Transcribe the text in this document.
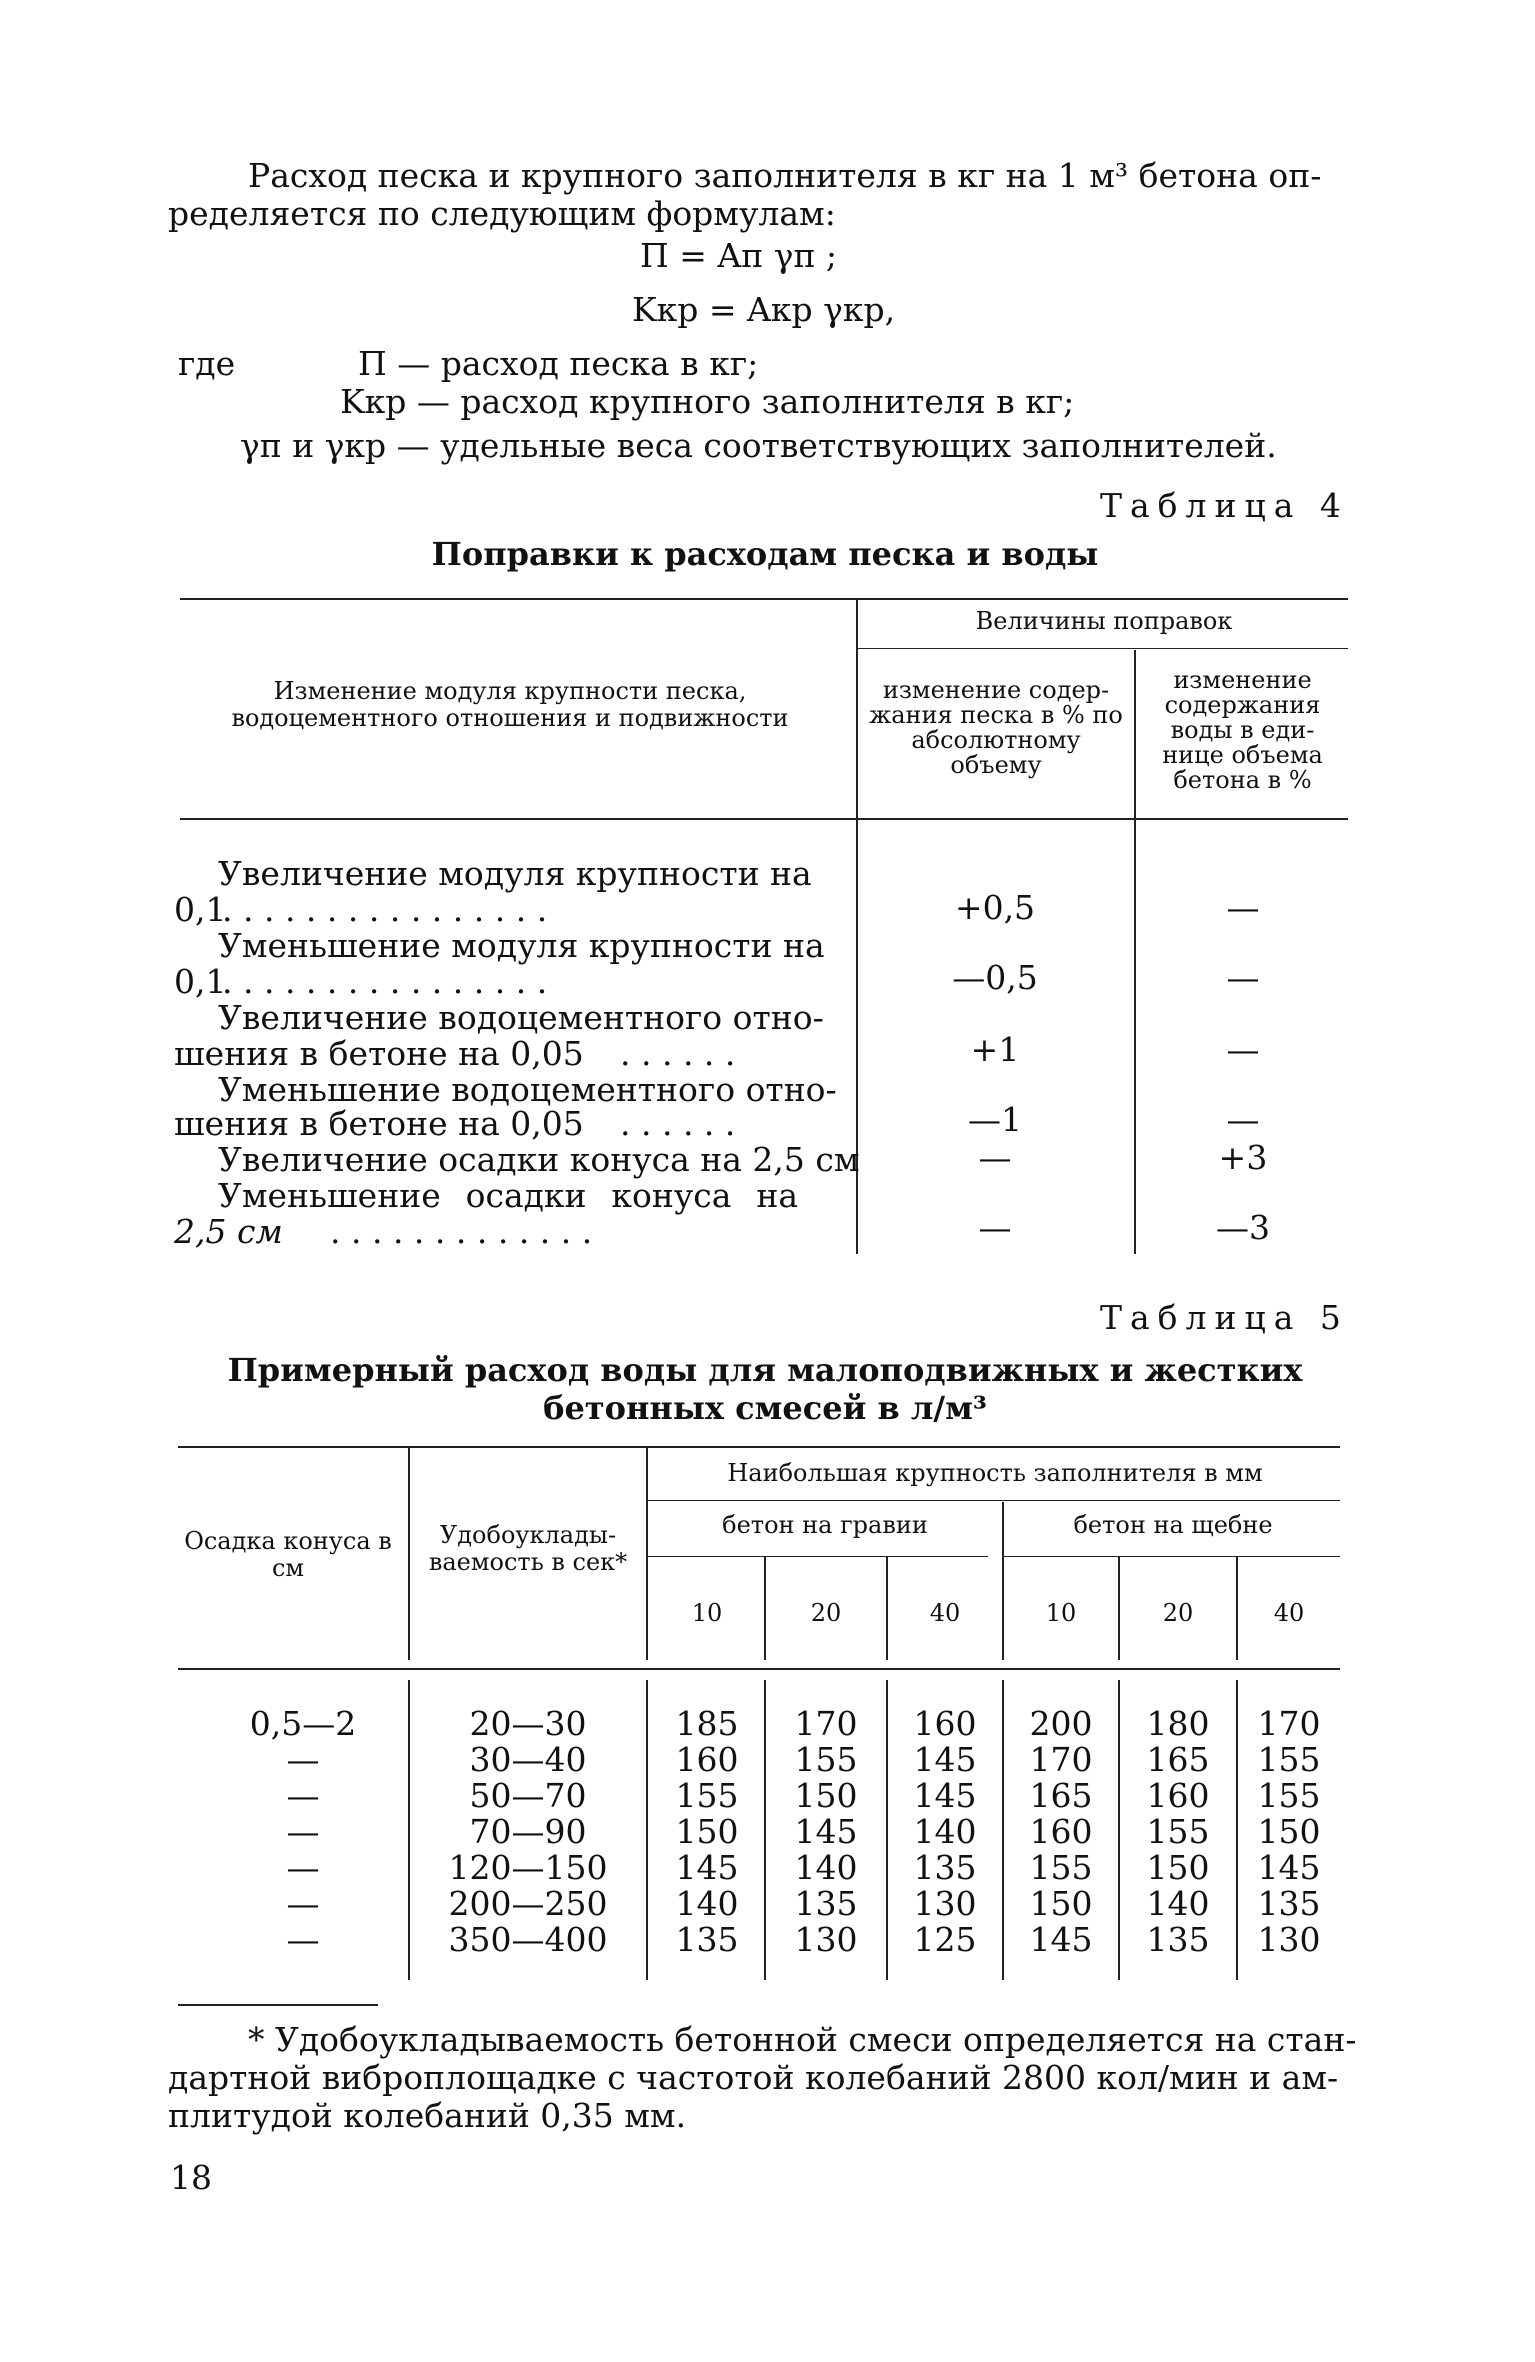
Расход песка и крупного заполнителя в кг на 1 м³ бетона оп-
ределяется по следующим формулам:
П = Aп γп ;
Kкр = Aкр γкр,
где	П — расход песка в кг;
Kкр — расход крупного заполнителя в кг;
γп и γкр — удельные веса соответствующих заполнителей.
Таблица 4
Поправки к расходам песка и воды
Изменение модуля крупности песка, водоцементного отношения и подвижности
Величины поправок
изменение содер-жания песка в % по абсолютному объему
изменение содержания воды в еди-нице объема бетона в %
Увеличение модуля крупности на
0,1
. . . . . . . . . . . . . . . .	+0,5	—
Уменьшение модуля крупности на
0,1
. . . . . . . . . . . . . . . .	—0,5	—
Увеличение водоцементного отно-
шения в бетоне на 0,05 . . . . . .	+1	—
Уменьшение водоцементного отно-
шения в бетоне на 0,05 . . . . . .	—1	—
Увеличение осадки конуса на 2,5 см	—	+3
Уменьшение осадки конуса на
2,5 см . . . . . . . . . . . . .	—	—3
Таблица 5
Примерный расход воды для малоподвижных и жестких
бетонных смесей в л/м³
Осадка конуса в см
Удобоуклады-ваемость в сек*
Наибольшая крупность заполнителя в мм
бетон на гравии	бетон на щебне
10	20	40	10	20	40
0,5—2	20—30	185	170	160	200	180	170
—	30—40	160	155	145	170	165	155
—	50—70	155	150	145	165	160	155
—	70—90	150	145	140	160	155	150
—	120—150	145	140	135	155	150	145
—	200—250	140	135	130	150	140	135
—	350—400	135	130	125	145	135	130
* Удобоукладываемость бетонной смеси определяется на стан-
дартной виброплощадке с частотой колебаний 2800 кол/мин и ам-
плитудой колебаний 0,35 мм.
18
